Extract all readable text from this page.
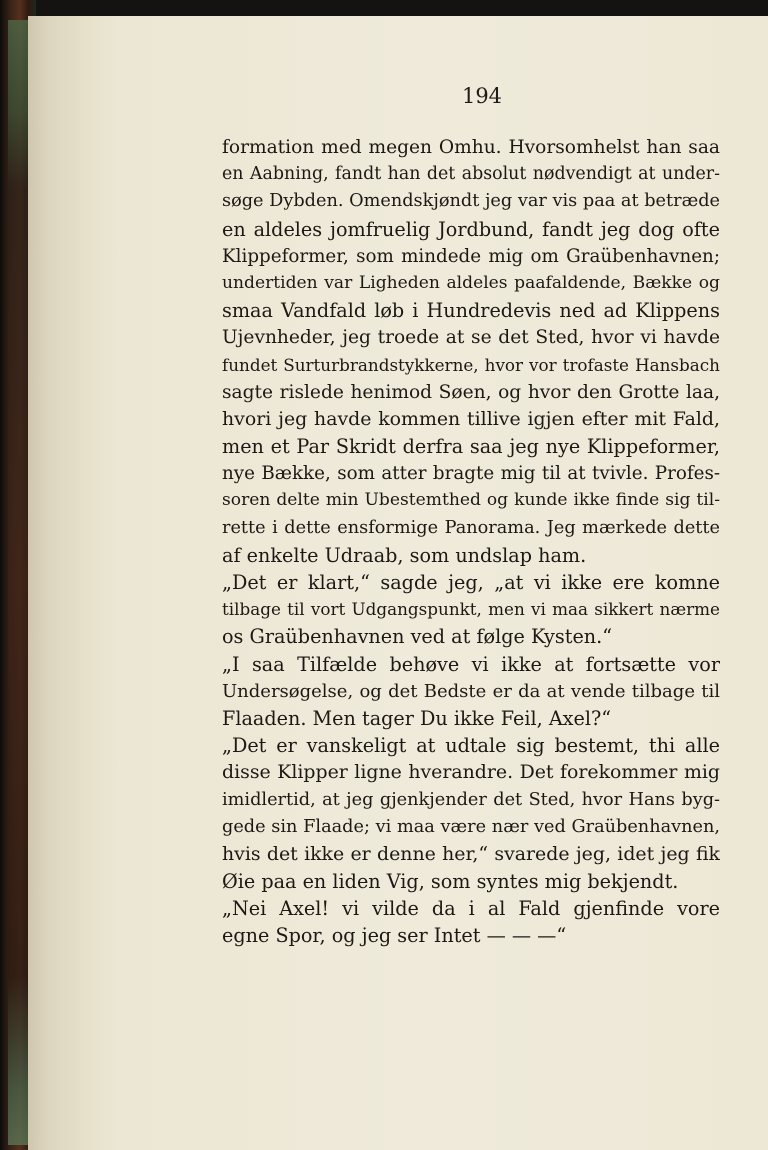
194
formation med megen Omhu. Hvorsomhelst han saa
en Aabning, fandt han det absolut nødvendigt at under-
søge Dybden. Omendskjøndt jeg var vis paa at betræde
en aldeles jomfruelig Jordbund, fandt jeg dog ofte
Klippeformer, som mindede mig om Graübenhavnen;
undertiden var Ligheden aldeles paafaldende, Bække og
smaa Vandfald løb i Hundredevis ned ad Klippens
Ujevnheder, jeg troede at se det Sted, hvor vi havde
fundet Surturbrandstykkerne, hvor vor trofaste Hansbach
sagte rislede henimod Søen, og hvor den Grotte laa,
hvori jeg havde kommen tillive igjen efter mit Fald,
men et Par Skridt derfra saa jeg nye Klippeformer,
nye Bække, som atter bragte mig til at tvivle. Profes-
soren delte min Ubestemthed og kunde ikke finde sig til-
rette i dette ensformige Panorama. Jeg mærkede dette
af enkelte Udraab, som undslap ham.
„Det er klart,“ sagde jeg, „at vi ikke ere komne
tilbage til vort Udgangspunkt, men vi maa sikkert nærme
os Graübenhavnen ved at følge Kysten.“
„I saa Tilfælde behøve vi ikke at fortsætte vor
Undersøgelse, og det Bedste er da at vende tilbage til
Flaaden. Men tager Du ikke Feil, Axel?“
„Det er vanskeligt at udtale sig bestemt, thi alle
disse Klipper ligne hverandre. Det forekommer mig
imidlertid, at jeg gjenkjender det Sted, hvor Hans byg-
gede sin Flaade; vi maa være nær ved Graübenhavnen,
hvis det ikke er denne her,“ svarede jeg, idet jeg fik
Øie paa en liden Vig, som syntes mig bekjendt.
„Nei Axel! vi vilde da i al Fald gjenfinde vore
egne Spor, og jeg ser Intet — — —“
